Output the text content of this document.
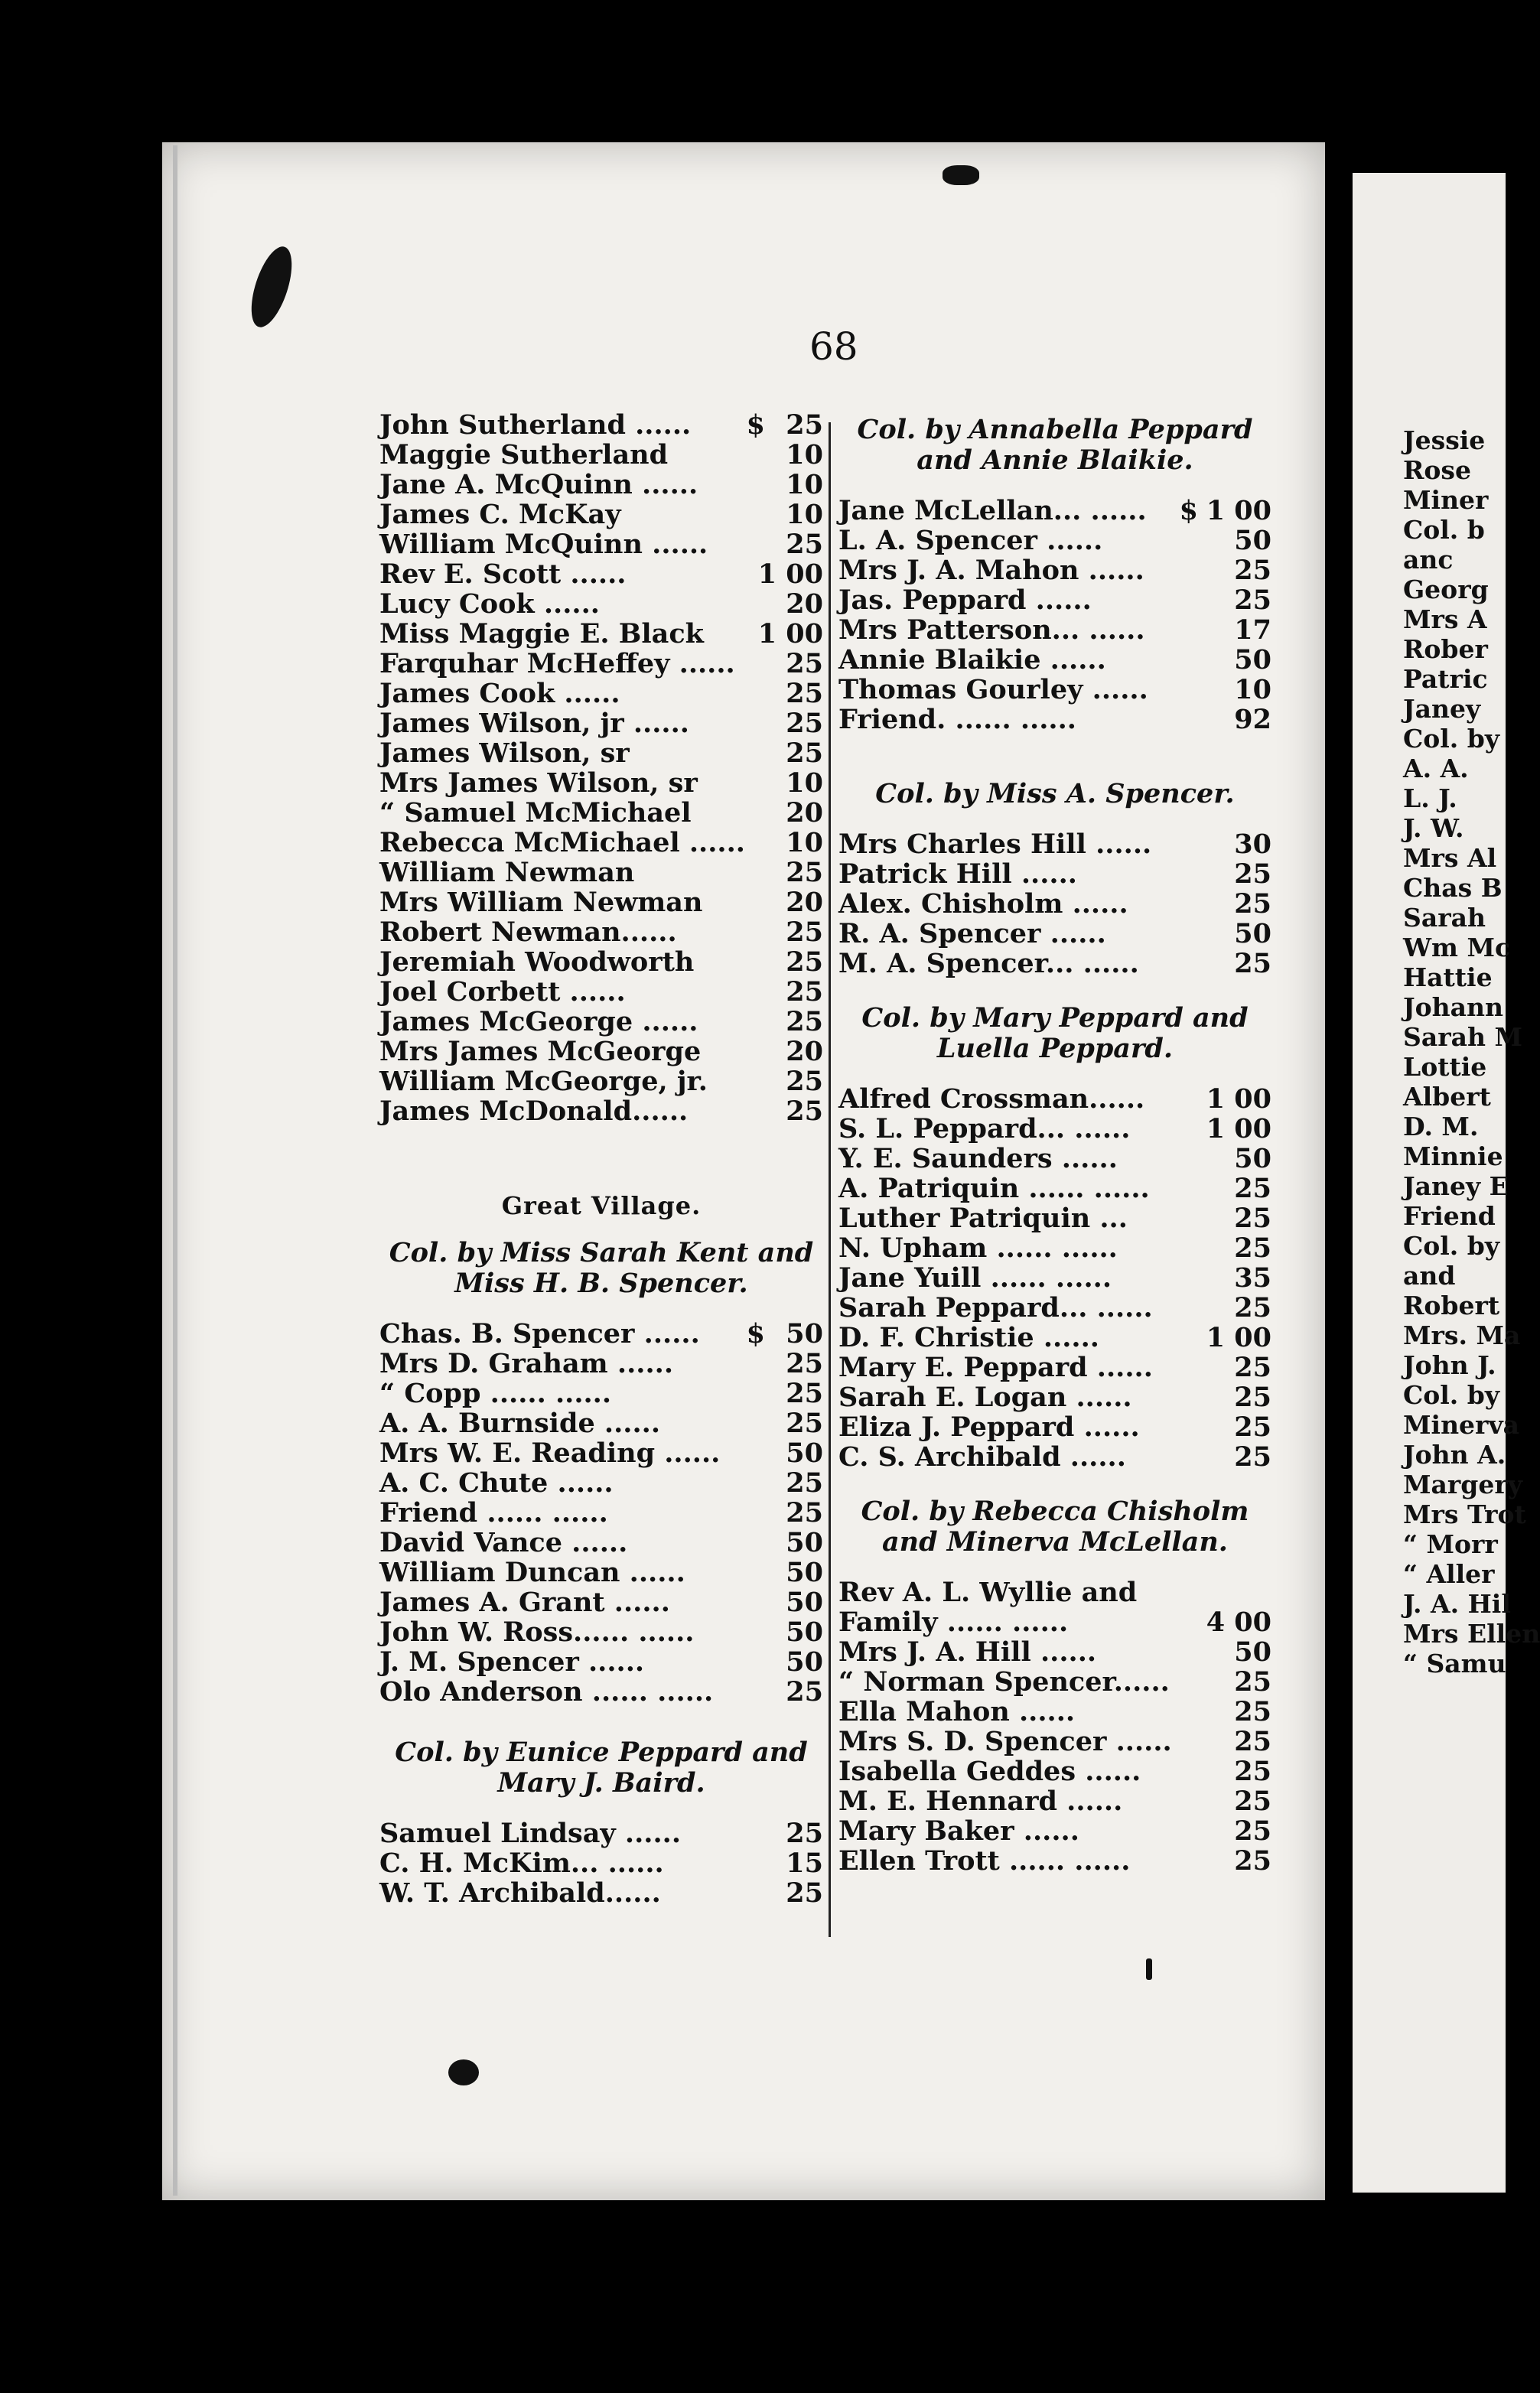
68
John Sutherland ...... $ 25
Maggie Sutherland	10
Jane A. McQuinn ......	10
James C. McKay	10
William McQuinn ......	25
Rev E. Scott ......	1 00
Lucy Cook ......	20
Miss Maggie E. Black 1 00
Farquhar McHeffey ...... 25
James Cook ......	25
James Wilson, jr ......	25
James Wilson, sr	25
Mrs James Wilson, sr	10
“ Samuel McMichael	20
Rebecca McMichael ...... 10
William Newman	25
Mrs William Newman	20
Robert Newman......	25
Jeremiah Woodworth	25
Joel Corbett ......	25
James McGeorge ......	25
Mrs James McGeorge	20
William McGeorge, jr.	25
James McDonald......	25
Great Village.
Col. by Miss Sarah Kent and Miss H. B. Spencer.
Chas. B. Spencer ...... $ 50
Mrs D. Graham ......	25
“ Copp ...... ......	25
A. A. Burnside ......	25
Mrs W. E. Reading ...... 50
A. C. Chute ......	25
Friend ...... ......	25
David Vance ......	50
William Duncan ......	50
James A. Grant ......	50
John W. Ross...... ......	50
J. M. Spencer ......	50
Olo Anderson ...... ......	25
Col. by Eunice Peppard and Mary J. Baird.
Samuel Lindsay ......	25
C. H. McKim... ......	15
W. T. Archibald......	25
Col. by Annabella Peppard and Annie Blaikie.
Jane McLellan... ...... $ 1 00
L. A. Spencer ......	50
Mrs J. A. Mahon ......	25
Jas. Peppard ......	25
Mrs Patterson... ......	17
Annie Blaikie ......	50
Thomas Gourley ......	10
Friend. ...... ......	92
Col. by Miss A. Spencer.
Mrs Charles Hill ......	30
Patrick Hill ......	25
Alex. Chisholm ......	25
R. A. Spencer ......	50
M. A. Spencer... ......	25
Col. by Mary Peppard and Luella Peppard.
Alfred Crossman...... 1 00
S. L. Peppard... ......	1 00
Y. E. Saunders ......	50
A. Patriquin ...... ......	25
Luther Patriquin ...	25
N. Upham ...... ......	25
Jane Yuill ...... ......	35
Sarah Peppard... ......	25
D. F. Christie ......	1 00
Mary E. Peppard ......	25
Sarah E. Logan ......	25
Eliza J. Peppard ......	25
C. S. Archibald ......	25
Col. by Rebecca Chisholm and Minerva McLellan.
Rev A. L. Wyllie and
Family ...... ......	4 00
Mrs J. A. Hill ......	50
“ Norman Spencer...... 25
Ella Mahon ......	25
Mrs S. D. Spencer ...... 25
Isabella Geddes ......	25
M. E. Hennard ......	25
Mary Baker ......	25
Ellen Trott ...... ......	25
Jessie
Rose
Miner
Col. b
anc
Georg
Mrs A
Rober
Patric
Janey
Col. by
A. A.
L. J.
J. W.
Mrs Al
Chas B
Sarah
Wm Mc
Hattie
Johann
Sarah M
Lottie
Albert
D. M.
Minnie
Janey E
Friend
Col. by
and
Robert
Mrs. Ma
John J.
Col. by
Minerva
John A.
Margery
Mrs Trot
“ Morr
“ Aller
J. A. Hil
Mrs Ellen
“ Samu
